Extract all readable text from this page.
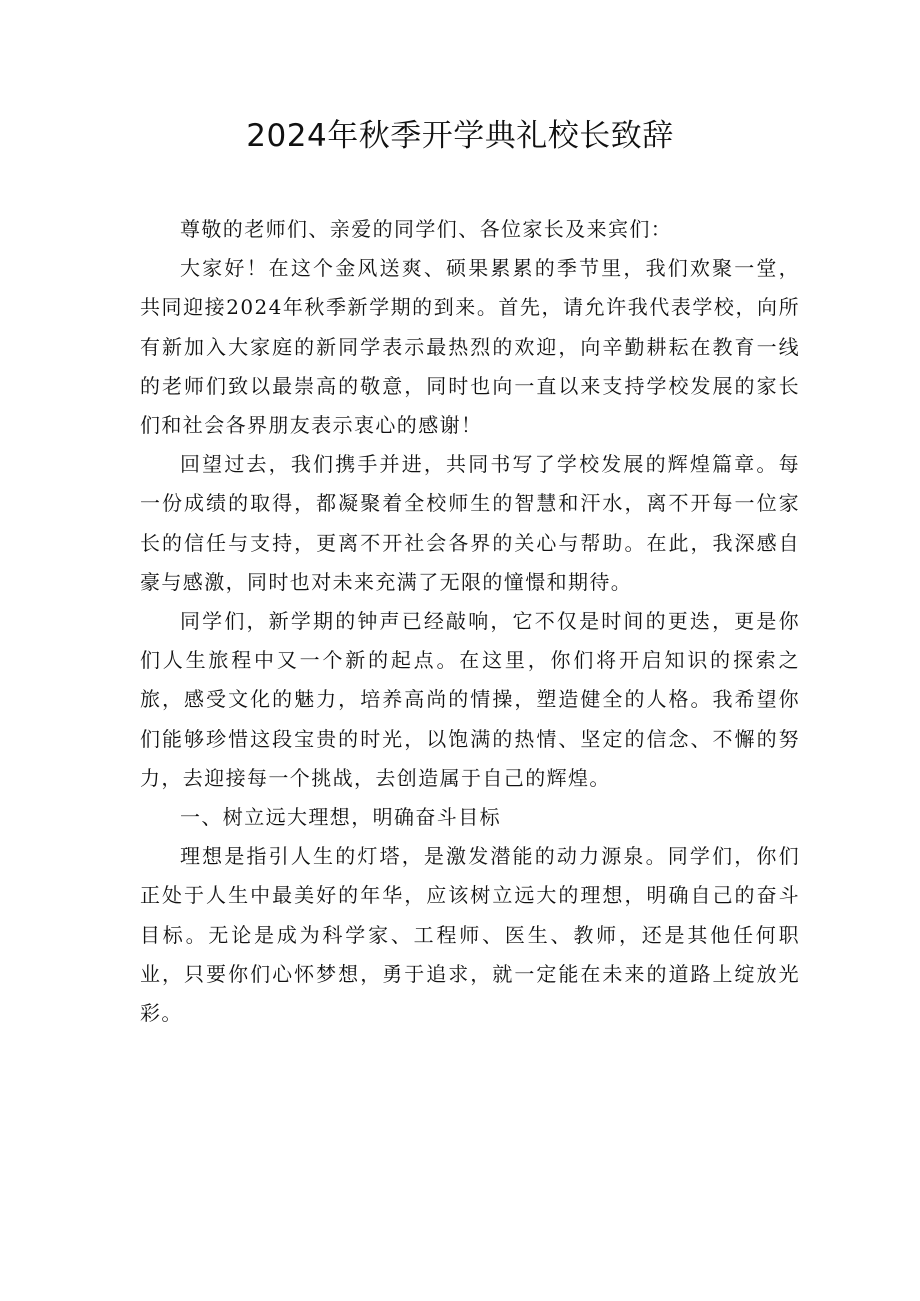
2024年秋季开学典礼校长致辞

尊敬的老师们、亲爱的同学们、各位家长及来宾们：

大家好！在这个金风送爽、硕果累累的季节里，我们欢聚一堂，共同迎接2024年秋季新学期的到来。首先，请允许我代表学校，向所有新加入大家庭的新同学表示最热烈的欢迎，向辛勤耕耘在教育一线的老师们致以最崇高的敬意，同时也向一直以来支持学校发展的家长们和社会各界朋友表示衷心的感谢！

回望过去，我们携手并进，共同书写了学校发展的辉煌篇章。每一份成绩的取得，都凝聚着全校师生的智慧和汗水，离不开每一位家长的信任与支持，更离不开社会各界的关心与帮助。在此，我深感自豪与感激，同时也对未来充满了无限的憧憬和期待。

同学们，新学期的钟声已经敲响，它不仅是时间的更迭，更是你们人生旅程中又一个新的起点。在这里，你们将开启知识的探索之旅，感受文化的魅力，培养高尚的情操，塑造健全的人格。我希望你们能够珍惜这段宝贵的时光，以饱满的热情、坚定的信念、不懈的努力，去迎接每一个挑战，去创造属于自己的辉煌。

一、树立远大理想，明确奋斗目标

理想是指引人生的灯塔，是激发潜能的动力源泉。同学们，你们正处于人生中最美好的年华，应该树立远大的理想，明确自己的奋斗目标。无论是成为科学家、工程师、医生、教师，还是其他任何职业，只要你们心怀梦想，勇于追求，就一定能在未来的道路上绽放光彩。
